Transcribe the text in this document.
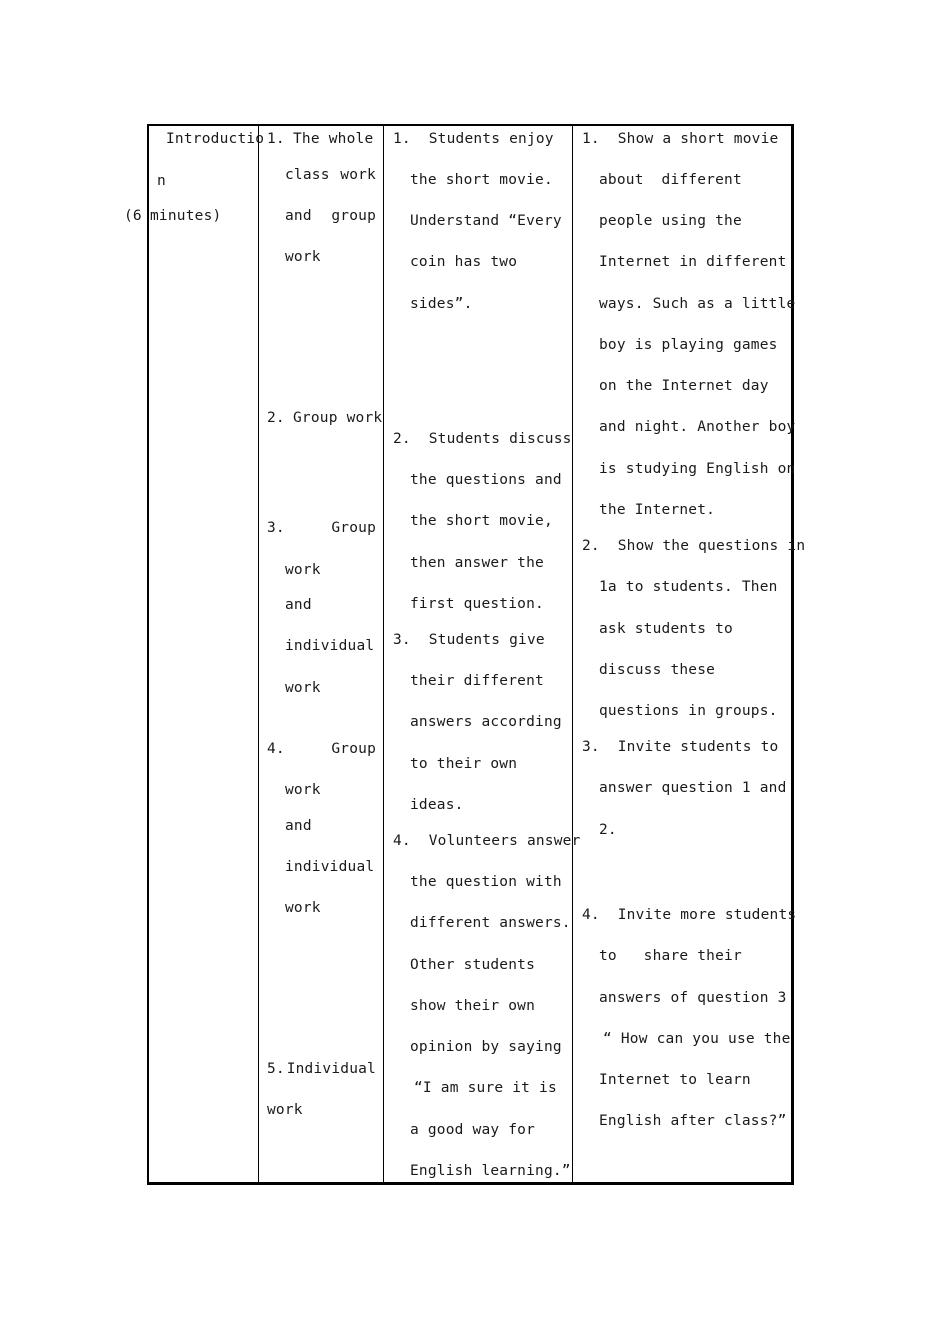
Introductio
n
(6 minutes)
1. The whole
class work
and group
work
2. Group work
3.	Group
work
and
individual
work
4.	Group
work
and
individual
work
5. Individual
work
1.  Students enjoy
the short movie.
Understand “Every
coin has two
sides”.
2.  Students discuss
the questions and
the short movie,
then answer the
first question.
3.  Students give
their different
answers according
to their own
ideas.
4.  Volunteers answer
the question with
different answers.
Other students
show their own
opinion by saying
“I am sure it is
a good way for
English learning.”
1.  Show a short movie
about  different
people using the
Internet in different
ways. Such as a little
boy is playing games
on the Internet day
and night. Another boy
is studying English on
the Internet.
2.  Show the questions in
1a to students. Then
ask students to
discuss these
questions in groups.
3.  Invite students to
answer question 1 and
2.
4.  Invite more students
to   share their
answers of question 3
“ How can you use the
Internet to learn
English after class?”
